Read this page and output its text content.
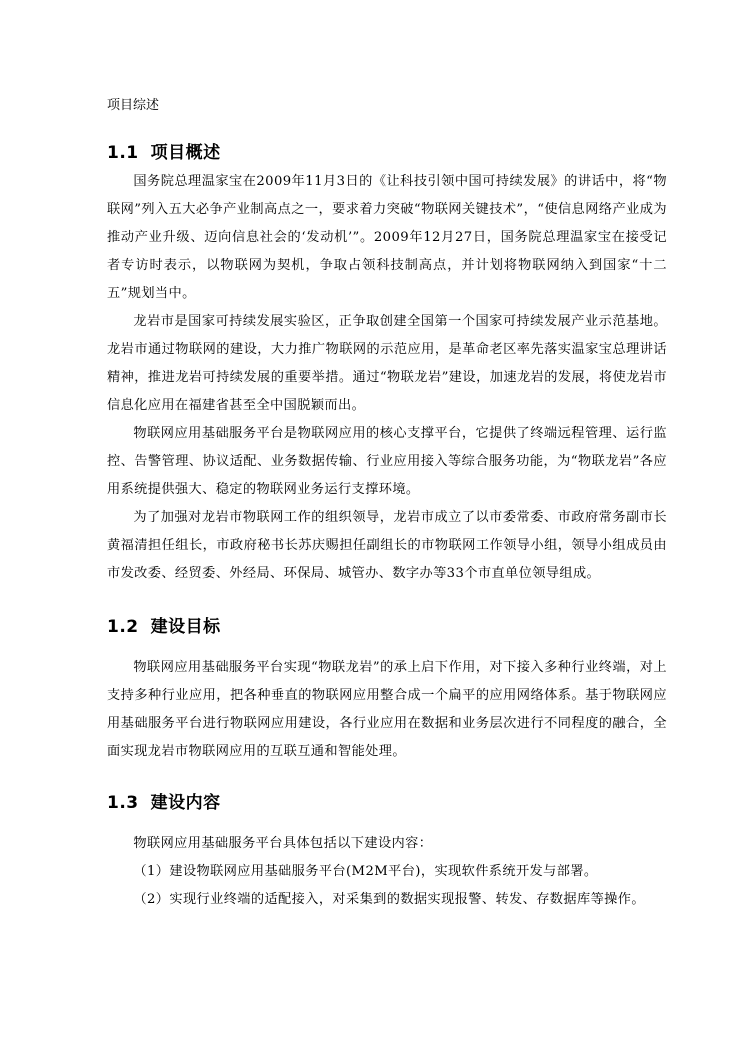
项目综述
1.1 项目概述

国务院总理温家宝在2009年11月3日的《让科技引领中国可持续发展》的讲话中，将“物联网”列入五大必争产业制高点之一，要求着力突破“物联网关键技术”，“使信息网络产业成为推动产业升级、迈向信息社会的‘发动机’”。2009年12月27日，国务院总理温家宝在接受记者专访时表示，以物联网为契机，争取占领科技制高点，并计划将物联网纳入到国家“十二五”规划当中。

龙岩市是国家可持续发展实验区，正争取创建全国第一个国家可持续发展产业示范基地。龙岩市通过物联网的建设，大力推广物联网的示范应用，是革命老区率先落实温家宝总理讲话精神，推进龙岩可持续发展的重要举措。通过“物联龙岩”建设，加速龙岩的发展，将使龙岩市信息化应用在福建省甚至全中国脱颖而出。

物联网应用基础服务平台是物联网应用的核心支撑平台，它提供了终端远程管理、运行监控、告警管理、协议适配、业务数据传输、行业应用接入等综合服务功能，为“物联龙岩”各应用系统提供强大、稳定的物联网业务运行支撑环境。

为了加强对龙岩市物联网工作的组织领导，龙岩市成立了以市委常委、市政府常务副市长黄福清担任组长，市政府秘书长苏庆赐担任副组长的市物联网工作领导小组，领导小组成员由市发改委、经贸委、外经局、环保局、城管办、数字办等33个市直单位领导组成。

1.2 建设目标

物联网应用基础服务平台实现“物联龙岩”的承上启下作用，对下接入多种行业终端，对上支持多种行业应用，把各种垂直的物联网应用整合成一个扁平的应用网络体系。基于物联网应用基础服务平台进行物联网应用建设，各行业应用在数据和业务层次进行不同程度的融合，全面实现龙岩市物联网应用的互联互通和智能处理。

1.3 建设内容

物联网应用基础服务平台具体包括以下建设内容：

（1）建设物联网应用基础服务平台(M2M平台)，实现软件系统开发与部署。

（2）实现行业终端的适配接入，对采集到的数据实现报警、转发、存数据库等操作。
